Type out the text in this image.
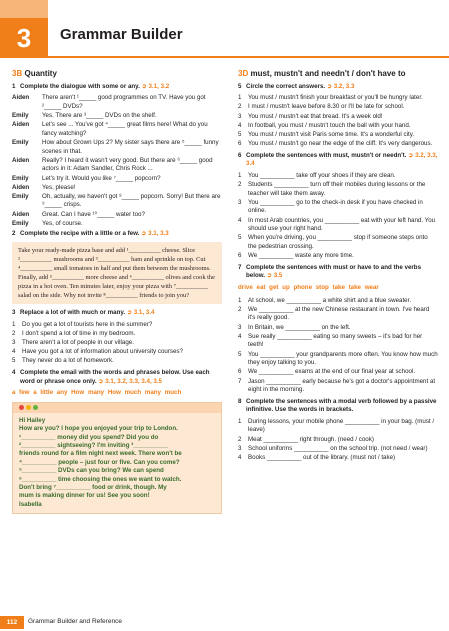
3	Grammar Builder
3B Quantity
1 Complete the dialogue with some or any. ➲ 3.1, 3.2
Aiden	There aren't ¹_____ good programmes on TV. Have you got ²_____ DVDs?
Emily	Yes. There are ³_____ DVDs on the shelf.
Aiden	Let's see ... You've got ⁴_____ great films here! What do you fancy watching?
Emily	How about Grown Ups 2? My sister says there are ⁵_____ funny scenes in that.
Aiden	Really? I heard it wasn't very good. But there are ⁶_____ good actors in it: Adam Sandler, Chris Rock ...
Emily	Let's try it. Would you like ⁷_____ popcorn?
Aiden	Yes, please!
Emily	Oh, actually, we haven't got ⁸_____ popcorn. Sorry! But there are ⁹_____ crisps.
Aiden	Great. Can I have ¹⁰_____ water too?
Emily	Yes, of course.
2 Complete the recipe with a little or a few. ➲ 3.1, 3.3
Take your ready-made pizza base and add ¹__________ cheese. Slice ²__________ mushrooms and ³__________ ham and sprinkle on top. Cut ⁴__________ small tomatoes in half and put them between the mushrooms. Finally, add ⁵__________ more cheese and ⁶__________ olives and cook the pizza in a hot oven. Ten minutes later, enjoy your pizza with ⁷__________ salad on the side. Why not invite ⁸__________ friends to join you?
3 Replace a lot of with much or many. ➲ 3.1, 3.4
1	Do you get a lot of tourists here in the summer?
2	I don't spend a lot of time in my bedroom.
3	There aren't a lot of people in our village.
4	Have you got a lot of information about university courses?
5	They never do a lot of homework.
4 Complete the email with the words and phrases below. Use each word or phrase once only. ➲ 3.1, 3.2, 3.3, 3.4, 3.5
a few a little any How many How much many much
Hi Hailey
How are you? I hope you enjoyed your trip to London.
¹__________ money did you spend? Did you do
²__________ sightseeing? I'm inviting ³__________
friends round for a film night next week. There won't be
⁴__________ people – just four or five. Can you come?
⁵__________ DVDs can you bring? We can spend
⁶__________ time choosing the ones we want to watch.
Don't bring ⁷__________ food or drink, though. My
mum is making dinner for us! See you soon!
Isabella
3D must, mustn't and needn't / don't have to
5 Circle the correct answers. ➲ 3.2, 3.3
1	You must / mustn't finish your breakfast or you'll be hungry later.
2	I must / mustn't leave before 8.30 or I'll be late for school.
3	You must / mustn't eat that bread. It's a week old!
4	In football, you must / mustn't touch the ball with your hand.
5	You must / mustn't visit Paris some time. It's a wonderful city.
6	You must / mustn't go near the edge of the cliff. It's very dangerous.
6 Complete the sentences with must, mustn't or needn't. ➲ 3.2, 3.3, 3.4
1	You __________ take off your shoes if they are clean.
2	Students __________ turn off their mobiles during lessons or the teacher will take them away.
3	You __________ go to the check-in desk if you have checked in online.
4	In most Arab countries, you __________ eat with your left hand. You should use your right hand.
5	When you're driving, you __________ stop if someone steps onto the pedestrian crossing.
6	We __________ waste any more time.
7 Complete the sentences with must or have to and the verbs below. ➲ 3.5
drive eat get up phone stop take take wear
1	At school, we __________ a white shirt and a blue sweater.
2	We __________ at the new Chinese restaurant in town. I've heard it's really good.
3	In Britain, we __________ on the left.
4	Sue really __________ eating so many sweets – it's bad for her teeth!
5	You __________ your grandparents more often. You know how much they enjoy talking to you.
6	We __________ exams at the end of our final year at school.
7	Jason __________ early because he's got a doctor's appointment at eight in the morning.
8 Complete the sentences with a modal verb followed by a passive infinitive. Use the words in brackets.
1	During lessons, your mobile phone __________ in your bag. (must / leave)
2	Meat __________ right through. (need / cook)
3	School uniforms __________ on the school trip. (not need / wear)
4	Books __________ out of the library. (must not / take)
112	Grammar Builder and Reference
